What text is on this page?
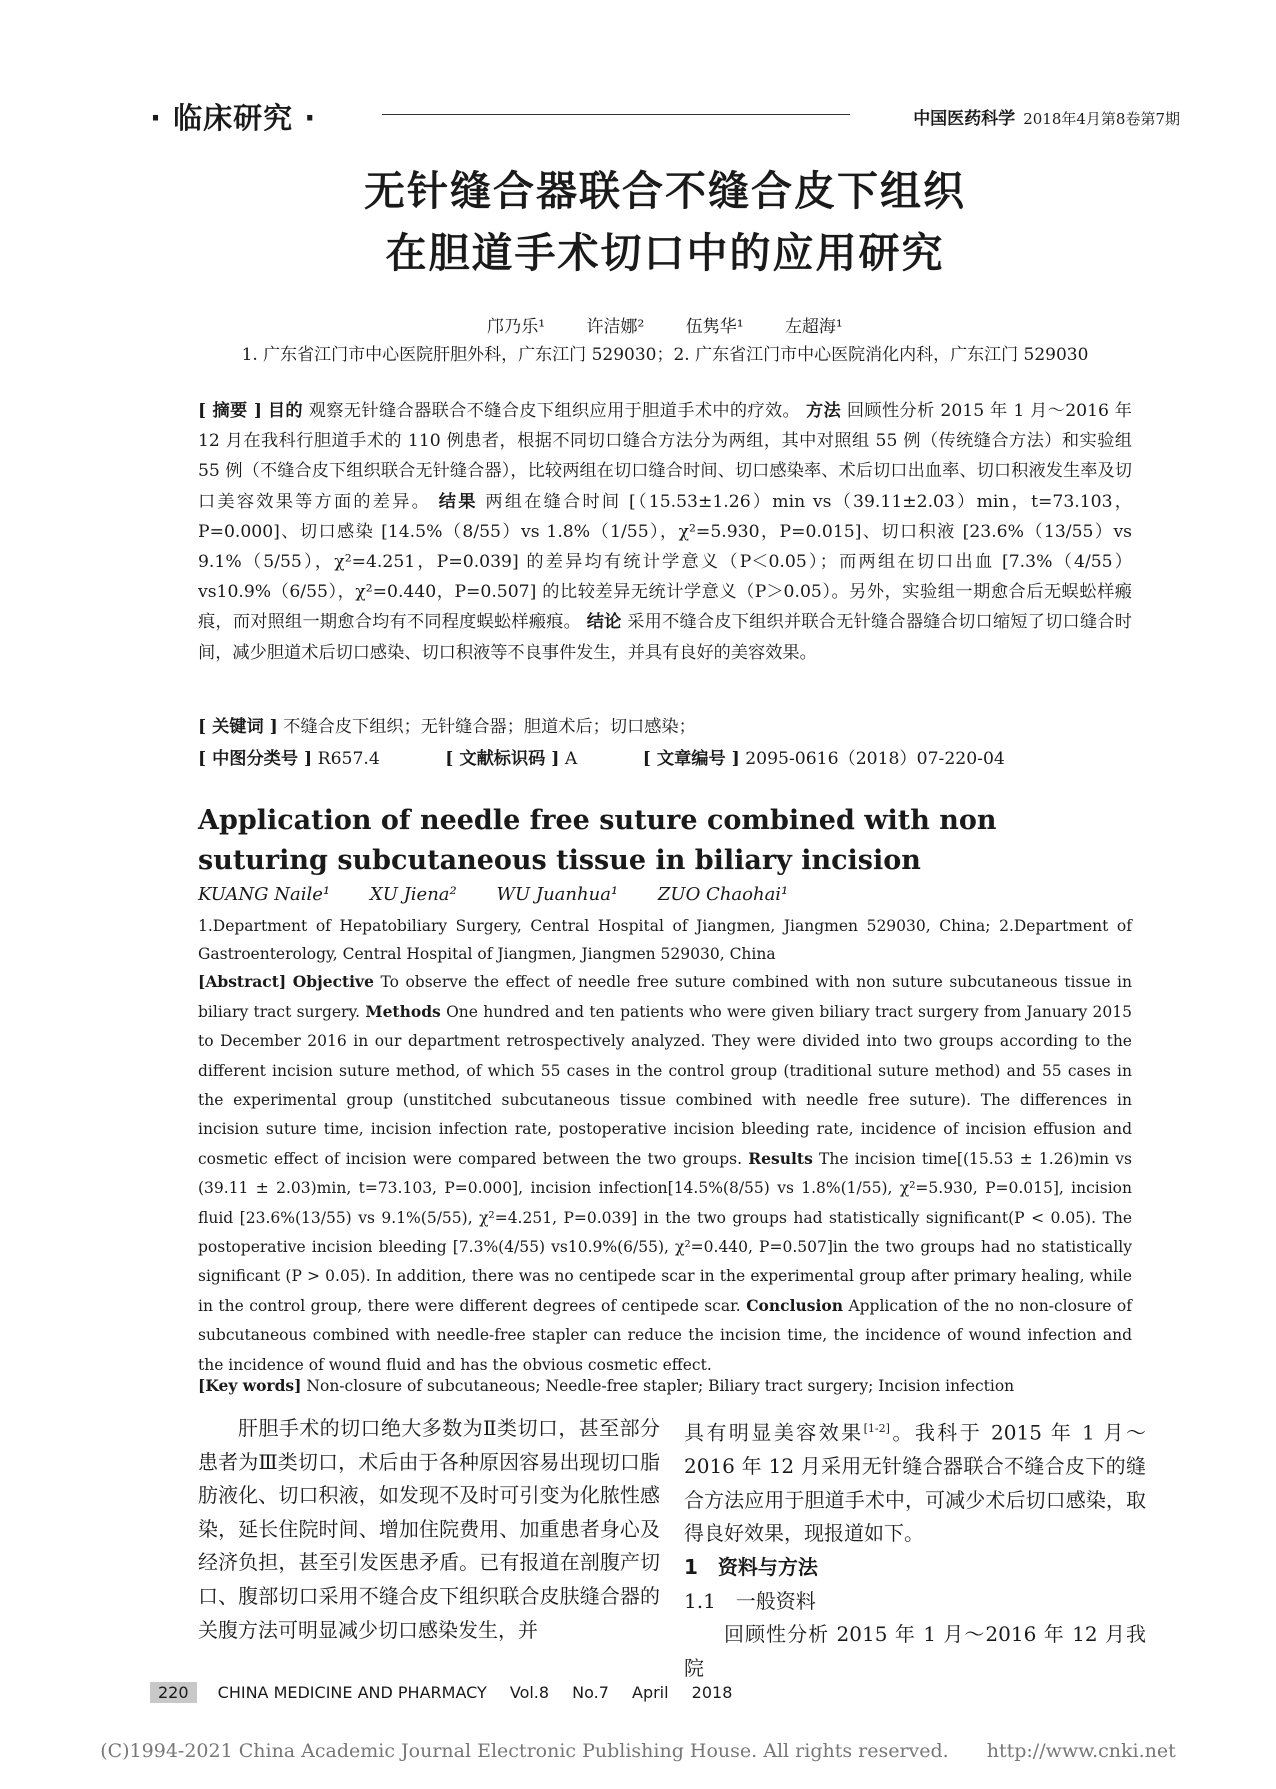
· 临床研究 ·	中国医药科学 2018年4月第8卷第7期
无针缝合器联合不缝合皮下组织
在胆道手术切口中的应用研究
邝乃乐¹ 许洁娜² 伍隽华¹ 左超海¹
1. 广东省江门市中心医院肝胆外科，广东江门 529030；2. 广东省江门市中心医院消化内科，广东江门 529030
[ 摘要 ] 目的 观察无针缝合器联合不缝合皮下组织应用于胆道手术中的疗效。 方法 回顾性分析 2015 年 1 月～2016 年 12 月在我科行胆道手术的 110 例患者，根据不同切口缝合方法分为两组，其中对照组 55 例（传统缝合方法）和实验组 55 例（不缝合皮下组织联合无针缝合器），比较两组在切口缝合时间、切口感染率、术后切口出血率、切口积液发生率及切口美容效果等方面的差异。 结果 两组在缝合时间 [（15.53±1.26）min vs（39.11±2.03）min，t=73.103，P=0.000]、切口感染 [14.5%（8/55）vs 1.8%（1/55），χ²=5.930，P=0.015]、切口积液 [23.6%（13/55）vs 9.1%（5/55），χ²=4.251，P=0.039] 的差异均有统计学意义（P＜0.05）；而两组在切口出血 [7.3%（4/55）vs10.9%（6/55），χ²=0.440，P=0.507] 的比较差异无统计学意义（P＞0.05）。另外，实验组一期愈合后无蜈蚣样瘢痕，而对照组一期愈合均有不同程度蜈蚣样瘢痕。 结论 采用不缝合皮下组织并联合无针缝合器缝合切口缩短了切口缝合时间，减少胆道术后切口感染、切口积液等不良事件发生，并具有良好的美容效果。
[ 关键词 ] 不缝合皮下组织；无针缝合器；胆道术后；切口感染；
[ 中图分类号 ] R657.4	[ 文献标识码 ] A	[ 文章编号 ] 2095-0616（2018）07-220-04
Application of needle free suture combined with non suturing subcutaneous tissue in biliary incision
KUANG Naile¹ XU Jiena² WU Juanhua¹ ZUO Chaohai¹
1.Department of Hepatobiliary Surgery, Central Hospital of Jiangmen, Jiangmen 529030, China; 2.Department of Gastroenterology, Central Hospital of Jiangmen, Jiangmen 529030, China
[Abstract] Objective To observe the effect of needle free suture combined with non suture subcutaneous tissue in biliary tract surgery. Methods One hundred and ten patients who were given biliary tract surgery from January 2015 to December 2016 in our department retrospectively analyzed. They were divided into two groups according to the different incision suture method, of which 55 cases in the control group (traditional suture method) and 55 cases in the experimental group (unstitched subcutaneous tissue combined with needle free suture). The differences in incision suture time, incision infection rate, postoperative incision bleeding rate, incidence of incision effusion and cosmetic effect of incision were compared between the two groups. Results The incision time[(15.53 ± 1.26)min vs (39.11 ± 2.03)min, t=73.103, P=0.000], incision infection[14.5%(8/55) vs 1.8%(1/55), χ²=5.930, P=0.015], incision fluid [23.6%(13/55) vs 9.1%(5/55), χ²=4.251, P=0.039] in the two groups had statistically significant(P < 0.05). The postoperative incision bleeding [7.3%(4/55) vs10.9%(6/55), χ²=0.440, P=0.507]in the two groups had no statistically significant (P > 0.05). In addition, there was no centipede scar in the experimental group after primary healing, while in the control group, there were different degrees of centipede scar. Conclusion Application of the no non-closure of subcutaneous combined with needle-free stapler can reduce the incision time, the incidence of wound infection and the incidence of wound fluid and has the obvious cosmetic effect.
[Key words] Non-closure of subcutaneous; Needle-free stapler; Biliary tract surgery; Incision infection
肝胆手术的切口绝大多数为Ⅱ类切口，甚至部分患者为Ⅲ类切口，术后由于各种原因容易出现切口脂肪液化、切口积液，如发现不及时可引变为化脓性感染，延长住院时间、增加住院费用、加重患者身心及经济负担，甚至引发医患矛盾。已有报道在剖腹产切口、腹部切口采用不缝合皮下组织联合皮肤缝合器的关腹方法可明显减少切口感染发生，并
具有明显美容效果[1-2]。我科于 2015 年 1 月～2016 年 12 月采用无针缝合器联合不缝合皮下的缝合方法应用于胆道手术中，可减少术后切口感染，取得良好效果，现报道如下。
1　资料与方法
1.1　一般资料
回顾性分析 2015 年 1 月～2016 年 12 月我院
220 CHINA MEDICINE AND PHARMACY Vol.8 No.7 April 2018
(C)1994-2021 China Academic Journal Electronic Publishing House. All rights reserved.　　http://www.cnki.net
